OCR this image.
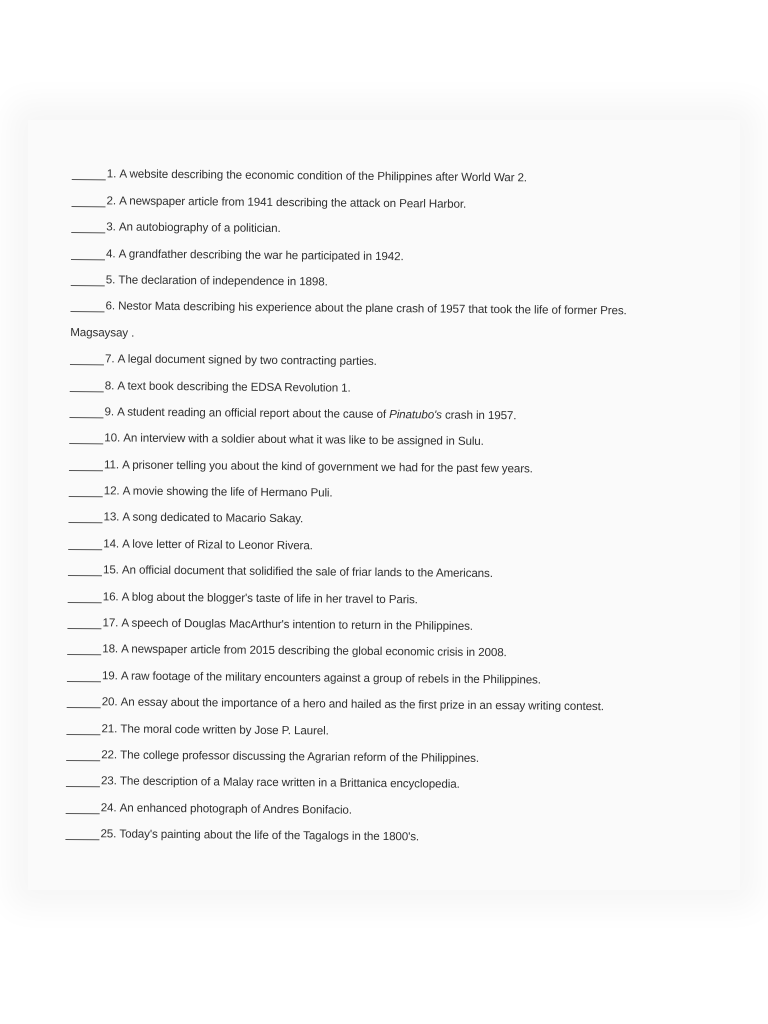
1.
A website describing the economic condition of the Philippines after World War 2.
2.
A newspaper article from 1941 describing the attack on Pearl Harbor.
3.
An autobiography of a politician.
4.
A grandfather describing the war he participated in 1942.
5.
The declaration of independence in 1898.
6.
Nestor Mata describing his experience about the plane crash of 1957 that took the life of former Pres.
Magsaysay .
7.
A legal document signed by two contracting parties.
8.
A text book describing the EDSA Revolution 1.
9.
A student reading an official report about the cause of Pinatubo's crash in 1957.
10.
An interview with a soldier about what it was like to be assigned in Sulu.
11.
A prisoner telling you about the kind of government we had for the past few years.
12.
A movie showing the life of Hermano Puli.
13.
A song dedicated to Macario Sakay.
14.
A love letter of Rizal to Leonor Rivera.
15.
An official document that solidified the sale of friar lands to the Americans.
16.
A blog about the blogger's taste of life in her travel to Paris.
17.
A speech of Douglas MacArthur's intention to return in the Philippines.
18.
A newspaper article from 2015 describing the global economic crisis in 2008.
19.
A raw footage of the military encounters against a group of rebels in the Philippines.
20.
An essay about the importance of a hero and hailed as the first prize in an essay writing contest.
21.
The moral code written by Jose P. Laurel.
22.
The college professor discussing the Agrarian reform of the Philippines.
23.
The description of a Malay race written in a Brittanica encyclopedia.
24.
An enhanced photograph of Andres Bonifacio.
25.
Today's painting about the life of the Tagalogs in the 1800's.
